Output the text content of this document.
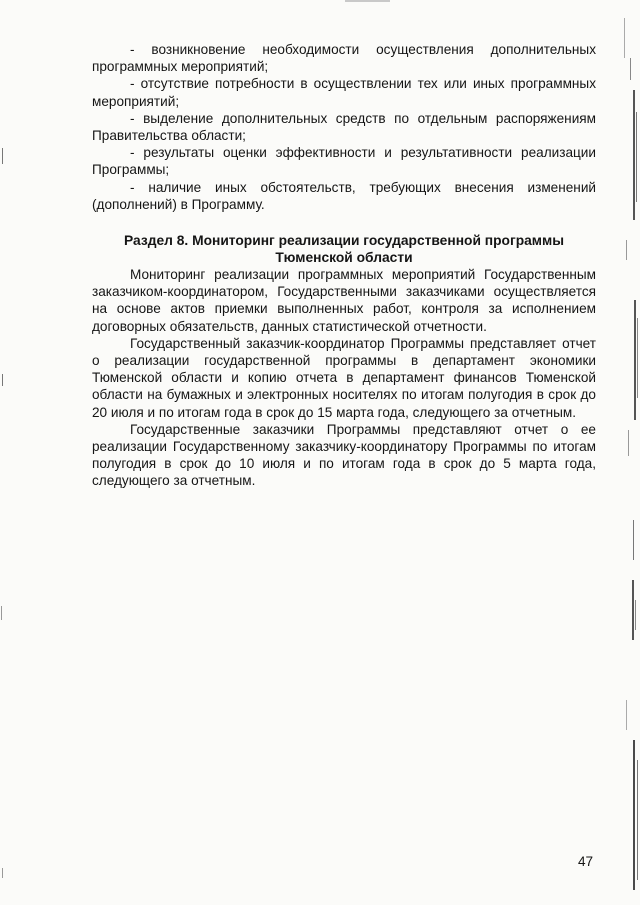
- возникновение необходимости осуществления дополнительных программных мероприятий;

- отсутствие потребности в осуществлении тех или иных программных мероприятий;

- выделение дополнительных средств по отдельным распоряжениям Правительства области;

- результаты оценки эффективности и результативности реализации Программы;

- наличие иных обстоятельств, требующих внесения изменений (дополнений) в Программу.

Раздел 8. Мониторинг реализации государственной программы
Тюменской области

Мониторинг реализации программных мероприятий Государственным заказчиком-координатором, Государственными заказчиками осуществляется на основе актов приемки выполненных работ, контроля за исполнением договорных обязательств, данных статистической отчетности.

Государственный заказчик-координатор Программы представляет отчет о реализации государственной программы в департамент экономики Тюменской области и копию отчета в департамент финансов Тюменской области на бумажных и электронных носителях по итогам полугодия в срок до 20 июля и по итогам года в срок до 15 марта года, следующего за отчетным.

Государственные заказчики Программы представляют отчет о ее реализации Государственному заказчику-координатору Программы по итогам полугодия в срок до 10 июля и по итогам года в срок до 5 марта года, следующего за отчетным.

47
